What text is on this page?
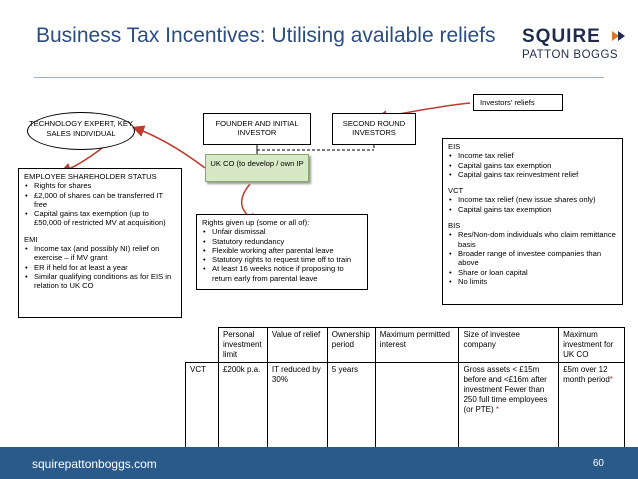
Business Tax Incentives: Utilising available reliefs SQUIRE
PATTON BOGGS
Investors' reliefs
TECHNOLOGY EXPERT, KEY SALES INDIVIDUAL
FOUNDER AND INITIAL INVESTOR
SECOND ROUND INVESTORS
UK CO (to develop / own IP
EMPLOYEE SHAREHOLDER STATUS
• Rights for shares
• £2,000 of shares can be transferred IT free
• Capital gains tax exemption (up to £50,000 of restricted MV at acquisition)
EMI
• Income tax (and possibly NI) relief on exercise – if MV grant
• ER if held for at least a year
• Similar qualifying conditions as for EIS in relation to UK CO
Rights given up (some or all of):
• Unfair dismissal
• Statutory redundancy
• Flexible working after parental leave
• Statutory rights to request time off to train
• At least 16 weeks notice if proposing to return early from parental leave
EIS
• Income tax relief
• Capital gains tax exemption
• Capital gains tax reinvestment relief
VCT
• Income tax relief (new issue shares only)
• Capital gains tax exemption
BIS
• Res/Non-dom individuals who claim remittance basis
• Broader range of investee companies than above
• Share or loan capital
• No limits
	Personal investment limit	Value of relief	Ownership period	Maximum permitted interest	Size of investee company	Maximum investment for UK CO
VCT	£200k p.a.	IT reduced by 30%	5 years		Gross assets < £15m before and <£16m after investment Fewer than 250 full time employees (or PTE) *	£5m over 12 month period*
squirepattonboggs.com	60
